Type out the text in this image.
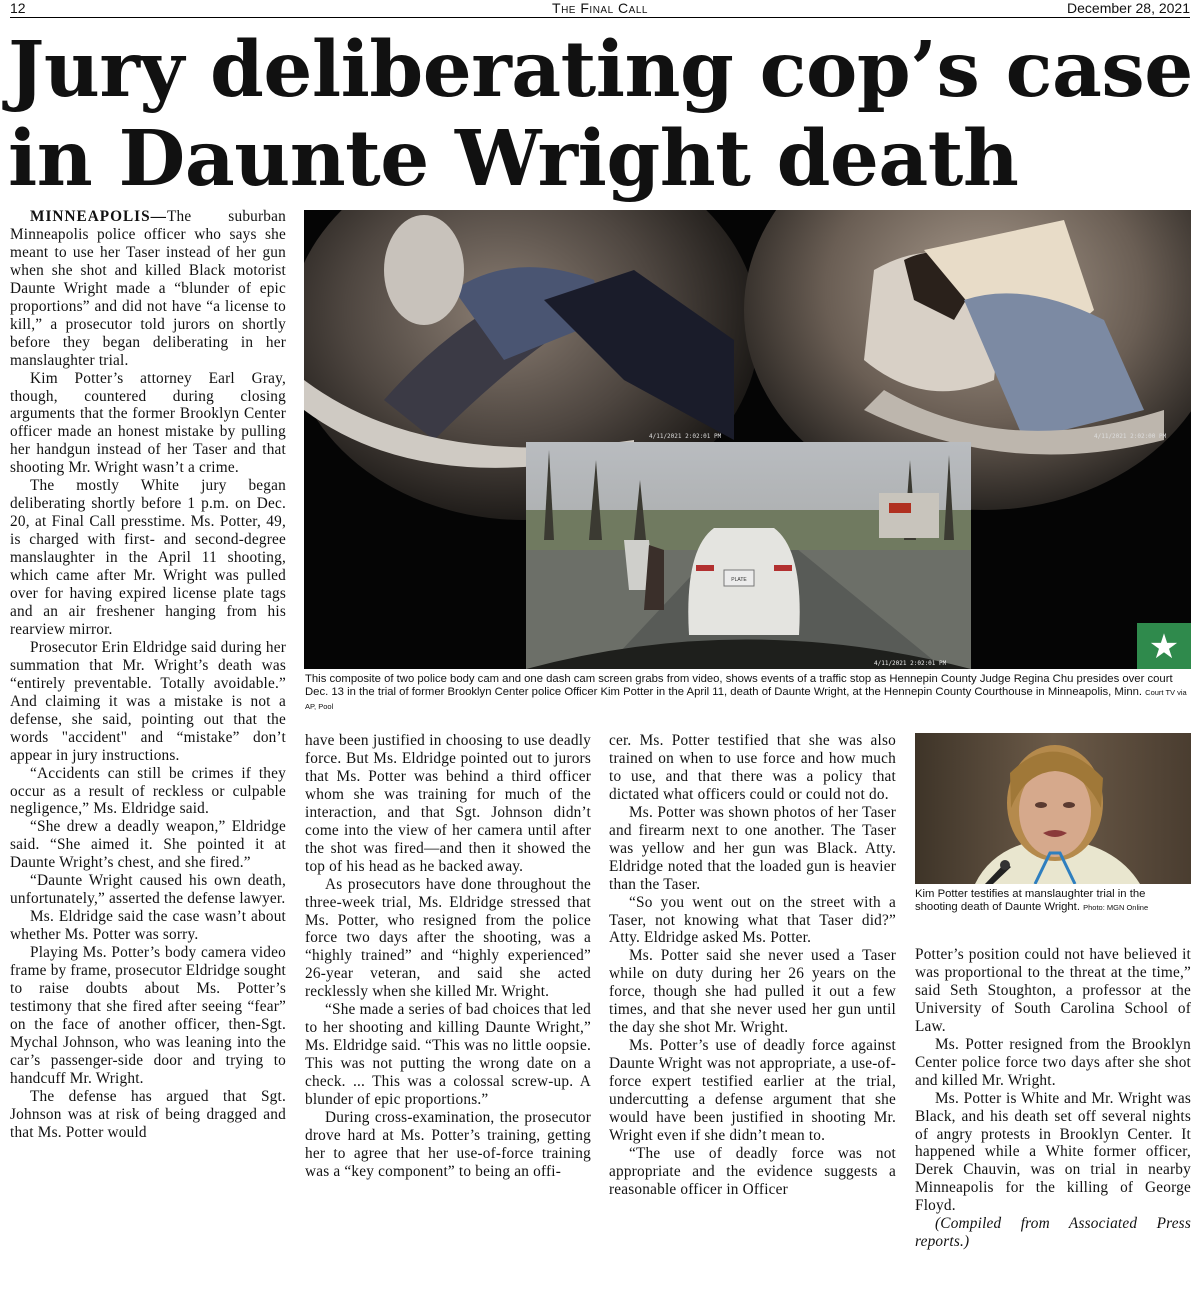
12	The Final Call	December 28, 2021
Jury deliberating cop’s case
in Daunte Wright death
4/11/2021 2:02:01 PM	4/11/2021 2:02:00 PM
PLATE
4/11/2021 2:02:01 PM	★
This composite of two police body cam and one dash cam screen grabs from video, shows events of a traffic stop as Hennepin County Judge Regina Chu presides over court Dec. 13 in the trial of former Brooklyn Center police Officer Kim Potter in the April 11, death of Daunte Wright, at the Hennepin County Courthouse in Minneapolis, Minn. Court TV via AP, Pool
Kim Potter testifies at manslaughter trial in the shooting death of Daunte Wright. Photo: MGN Online

MINNEAPOLIS—The suburban Minneapolis police officer who says she meant to use her Taser instead of her gun when she shot and killed Black motorist Daunte Wright made a “blunder of epic proportions” and did not have “a license to kill,” a prosecutor told jurors on shortly before they began deliberating in her manslaughter trial.

Kim Potter’s attorney Earl Gray, though, countered during closing arguments that the former Brooklyn Center officer made an honest mistake by pulling her handgun instead of her Taser and that shooting Mr. Wright wasn’t a crime.

The mostly White jury began deliberating shortly before 1 p.m. on Dec. 20, at Final Call presstime. Ms. Potter, 49, is charged with first- and second-degree manslaughter in the April 11 shooting, which came after Mr. Wright was pulled over for having expired license plate tags and an air freshener hanging from his rearview mirror.

Prosecutor Erin Eldridge said during her summation that Mr. Wright’s death was “entirely preventable. Totally avoidable.” And claiming it was a mistake is not a defense, she said, pointing out that the words "accident" and “mistake” don’t appear in jury instructions.

“Accidents can still be crimes if they occur as a result of reckless or culpable negligence,” Ms. Eldridge said.

“She drew a deadly weapon,” Eldridge said. “She aimed it. She pointed it at Daunte Wright’s chest, and she fired.”

“Daunte Wright caused his own death, unfortunately,” asserted the defense lawyer.

Ms. Eldridge said the case wasn’t about whether Ms. Potter was sorry.

Playing Ms. Potter’s body camera video frame by frame, prosecutor Eldridge sought to raise doubts about Ms. Potter’s testimony that she fired after seeing “fear” on the face of another officer, then-Sgt. Mychal Johnson, who was leaning into the car’s passenger-side door and trying to handcuff Mr. Wright.

The defense has argued that Sgt. Johnson was at risk of being dragged and that Ms. Potter would

have been justified in choosing to use deadly force. But Ms. Eldridge pointed out to jurors that Ms. Potter was behind a third officer whom she was training for much of the interaction, and that Sgt. Johnson didn’t come into the view of her camera until after the shot was fired—and then it showed the top of his head as he backed away.

As prosecutors have done throughout the three-week trial, Ms. Eldridge stressed that Ms. Potter, who resigned from the police force two days after the shooting, was a “highly trained” and “highly experienced” 26-year veteran, and said she acted recklessly when she killed Mr. Wright.

“She made a series of bad choices that led to her shooting and killing Daunte Wright,” Ms. Eldridge said. “This was no little oopsie. This was not putting the wrong date on a check. ... This was a colossal screw-up. A blunder of epic proportions.”

During cross-examination, the prosecutor drove hard at Ms. Potter’s training, getting her to agree that her use-of-force training was a “key component” to being an offi-

cer. Ms. Potter testified that she was also trained on when to use force and how much to use, and that there was a policy that dictated what officers could or could not do.

Ms. Potter was shown photos of her Taser and firearm next to one another. The Taser was yellow and her gun was Black. Atty. Eldridge noted that the loaded gun is heavier than the Taser.

“So you went out on the street with a Taser, not knowing what that Taser did?” Atty. Eldridge asked Ms. Potter.

Ms. Potter said she never used a Taser while on duty during her 26 years on the force, though she had pulled it out a few times, and that she never used her gun until the day she shot Mr. Wright.

Ms. Potter’s use of deadly force against Daunte Wright was not appropriate, a use-of-force expert testified earlier at the trial, undercutting a defense argument that she would have been justified in shooting Mr. Wright even if she didn’t mean to.

“The use of deadly force was not appropriate and the evidence suggests a reasonable officer in Officer

Potter’s position could not have believed it was proportional to the threat at the time,” said Seth Stoughton, a professor at the University of South Carolina School of Law.

Ms. Potter resigned from the Brooklyn Center police force two days after she shot and killed Mr. Wright.

Ms. Potter is White and Mr. Wright was Black, and his death set off several nights of angry protests in Brooklyn Center. It happened while a White former officer, Derek Chauvin, was on trial in nearby Minneapolis for the killing of George Floyd.

(Compiled from Associated Press reports.)
